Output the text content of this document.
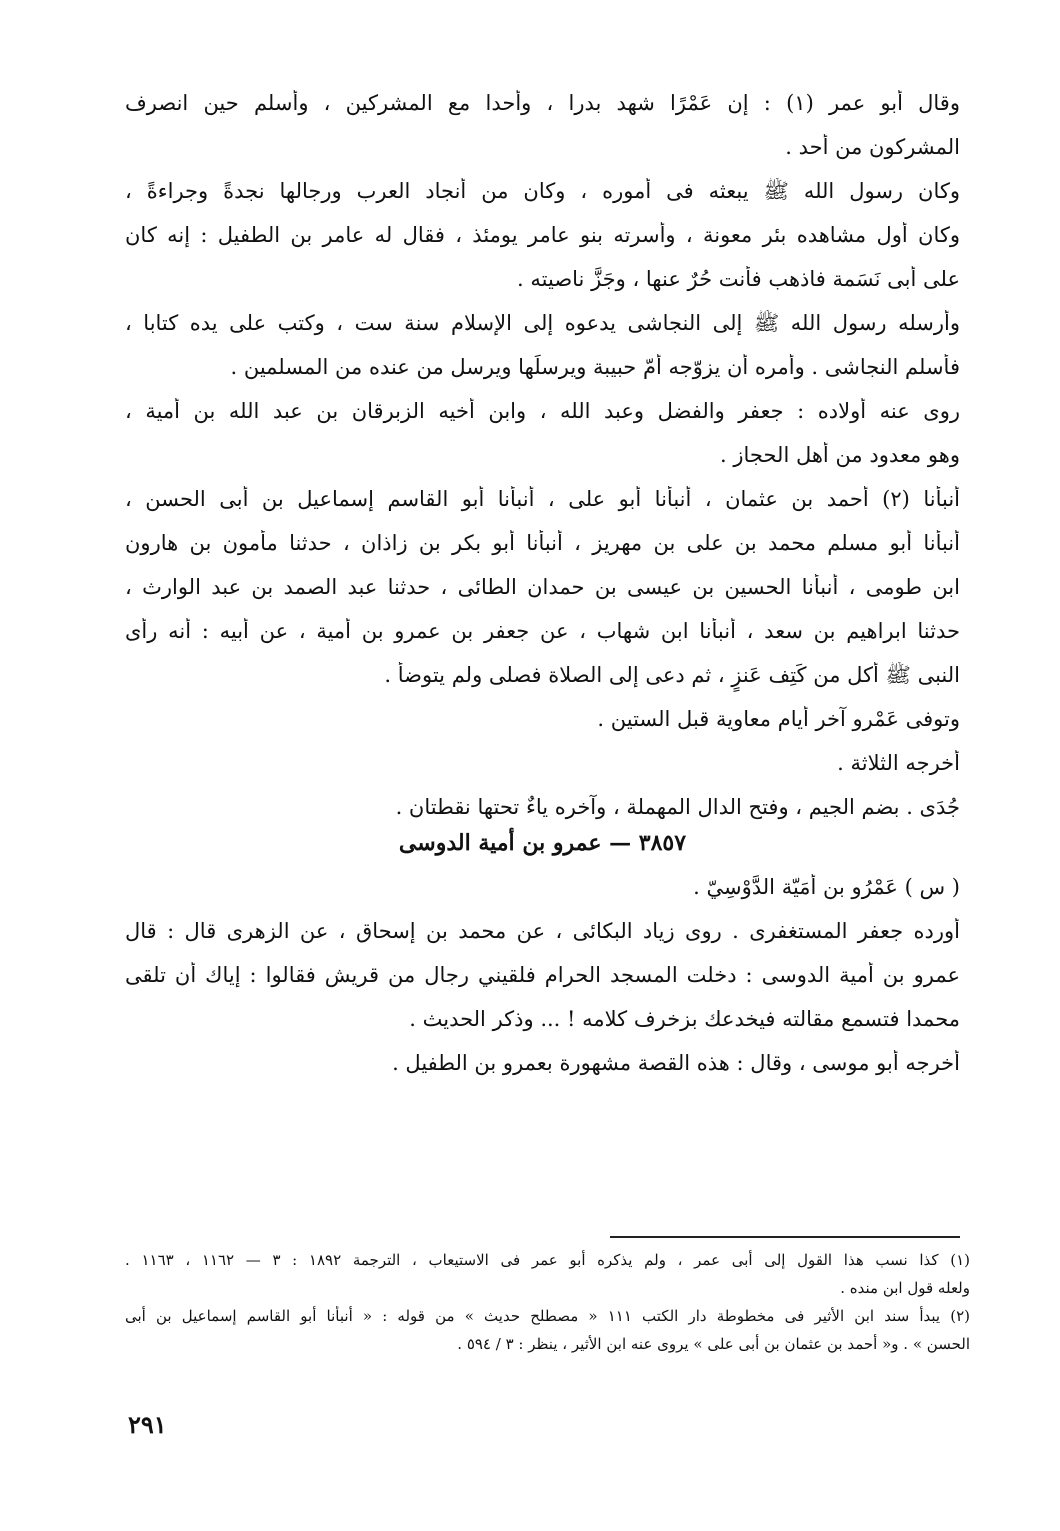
وقال أبو عمر (١) : إن عَمْرًا شهد بدرا ، وأحدا مع المشركين ، وأسلم حين انصرف
المشركون من أحد .
وكان رسول الله ﷺ يبعثه فى أموره ، وكان من أنجاد العرب ورجالها نجدةً وجراءةً ،
وكان أول مشاهده بئر معونة ، وأسرته بنو عامر يومئذ ، فقال له عامر بن الطفيل : إنه كان
على أبى نَسَمة فاذهب فأنت حُرٌ عنها ، وجَزَّ ناصيته .
وأرسله رسول الله ﷺ إلى النجاشى يدعوه إلى الإسلام سنة ست ، وكتب على يده كتابا ،
فأسلم النجاشى . وأمره أن يزوّجه أمّ حبيبة ويرسلَها ويرسل من عنده من المسلمين .
روى عنه أولاده : جعفر والفضل وعبد الله ، وابن أخيه الزبرقان بن عبد الله بن أمية ،
وهو معدود من أهل الحجاز .
أنبأنا (٢) أحمد بن عثمان ، أنبأنا أبو على ، أنبأنا أبو القاسم إسماعيل بن أبى الحسن ،
أنبأنا أبو مسلم محمد بن على بن مهريز ، أنبأنا أبو بكر بن زاذان ، حدثنا مأمون بن هارون
ابن طومى ، أنبأنا الحسين بن عيسى بن حمدان الطائى ، حدثنا عبد الصمد بن عبد الوارث ،
حدثنا ابراهيم بن سعد ، أنبأنا ابن شهاب ، عن جعفر بن عمرو بن أمية ، عن أبيه : أنه رأى
النبى ﷺ أكل من كَتِف عَنزٍ ، ثم دعى إلى الصلاة فصلى ولم يتوضأ .
وتوفى عَمْرو آخر أيام معاوية قبل الستين .
أخرجه الثلاثة .
جُدَى . بضم الجيم ، وفتح الدال المهملة ، وآخره ياءٌ تحتها نقطتان .
٣٨٥٧ — عمرو بن أمية الدوسى
( س ) عَمْرُو بن أُمَيّة الدَّوْسِيّ .
أورده جعفر المستغفرى . روى زياد البكائى ، عن محمد بن إسحاق ، عن الزهرى قال : قال
عمرو بن أمية الدوسى : دخلت المسجد الحرام فلقيني رجال من قريش فقالوا : إياك أن تلقى
محمدا فتسمع مقالته فيخدعك بزخرف كلامه ! ... وذكر الحديث .
أخرجه أبو موسى ، وقال : هذه القصة مشهورة بعمرو بن الطفيل .
(١) كذا نسب هذا القول إلى أبى عمر ، ولم يذكره أبو عمر فى الاستيعاب ، الترجمة ١٨٩٢ : ٣ — ١١٦٢ ، ١١٦٣ .
ولعله قول ابن منده .
(٢) يبدأ سند ابن الأثير فى مخطوطة دار الكتب ١١١ « مصطلح حديث » من قوله : « أنبأنا أبو القاسم إسماعيل بن أبى
الحسن » . و« أحمد بن عثمان بن أبى على » يروى عنه ابن الأثير ، ينظر : ٣ / ٥٩٤ .
٢٩١
